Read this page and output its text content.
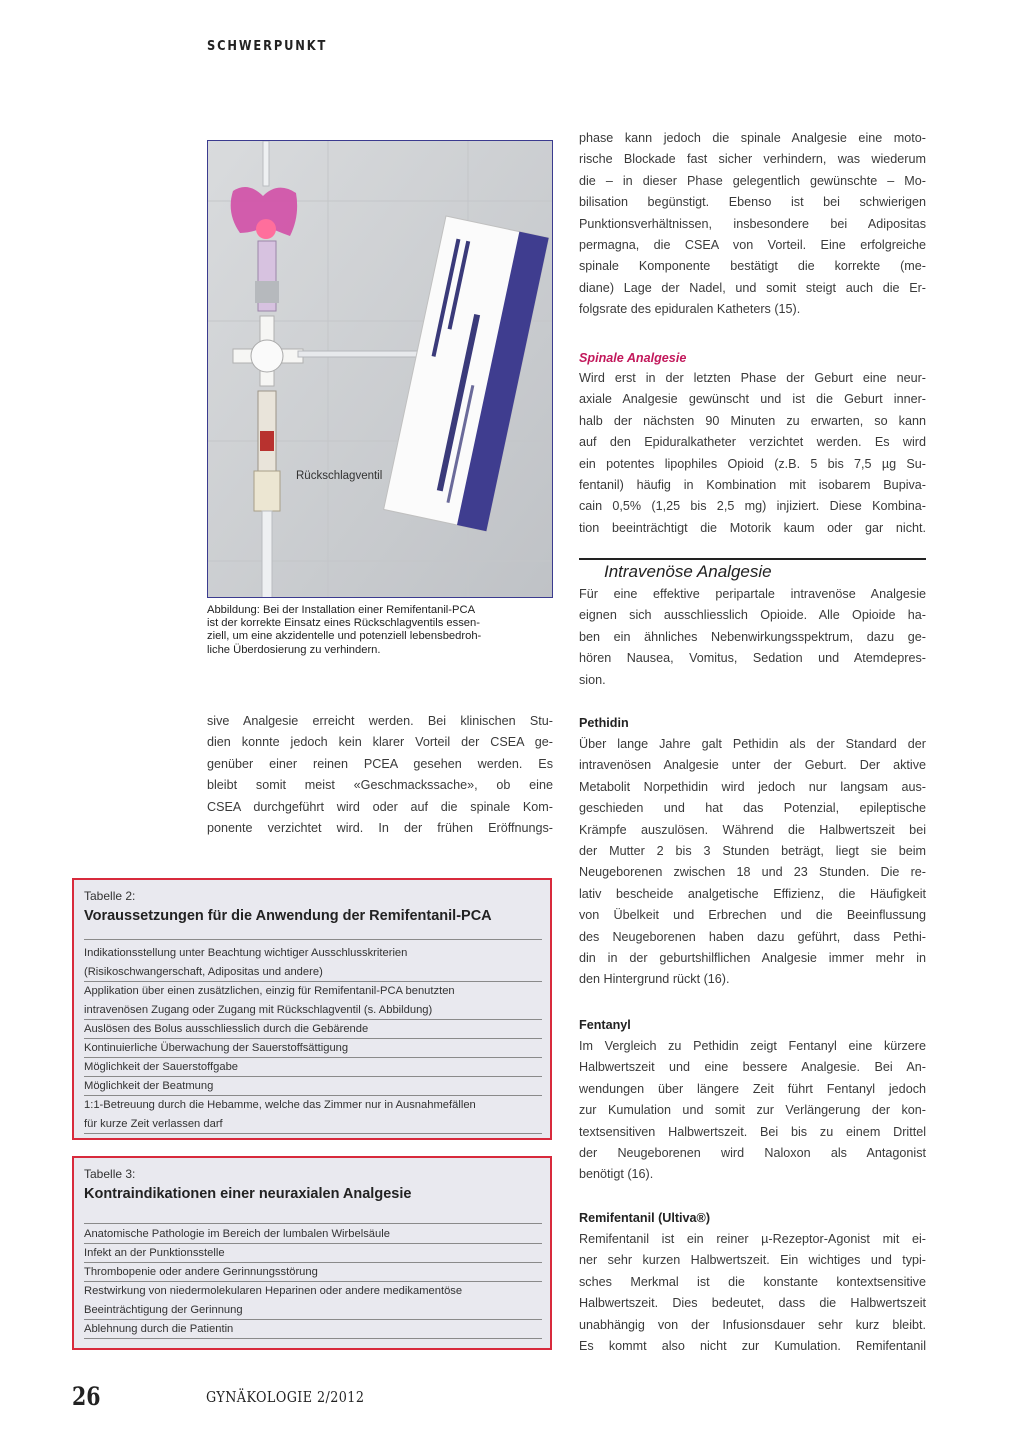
SCHWERPUNKT
Rückschlagventil
Abbildung: Bei der Installation einer Remifentanil-PCA
ist der korrekte Einsatz eines Rückschlagventils essen-
ziell, um eine akzidentelle und potenziell lebensbedroh-
liche Überdosierung zu verhindern.
sive Analgesie erreicht werden. Bei klinischen Stu-
dien konnte jedoch kein klarer Vorteil der CSEA ge-
genüber einer reinen PCEA gesehen werden. Es
bleibt somit meist «Geschmackssache», ob eine
CSEA durchgeführt wird oder auf die spinale Kom-
ponente verzichtet wird. In der frühen Eröffnungs-
Tabelle 2:
Voraussetzungen für die Anwendung der Remifentanil-PCA
Indikationsstellung unter Beachtung wichtiger Ausschlusskriterien
(Risikoschwangerschaft, Adipositas und andere)
Applikation über einen zusätzlichen, einzig für Remifentanil-PCA benutzten
intravenösen Zugang oder Zugang mit Rückschlagventil (s. Abbildung)
Auslösen des Bolus ausschliesslich durch die Gebärende
Kontinuierliche Überwachung der Sauerstoffsättigung
Möglichkeit der Sauerstoffgabe
Möglichkeit der Beatmung
1:1-Betreuung durch die Hebamme, welche das Zimmer nur in Ausnahmefällen
für kurze Zeit verlassen darf
Tabelle 3:
Kontraindikationen einer neuraxialen Analgesie
Anatomische Pathologie im Bereich der lumbalen Wirbelsäule
Infekt an der Punktionsstelle
Thrombopenie oder andere Gerinnungsstörung
Restwirkung von niedermolekularen Heparinen oder andere medikamentöse
Beeinträchtigung der Gerinnung
Ablehnung durch die Patientin
phase kann jedoch die spinale Analgesie eine moto-
rische Blockade fast sicher verhindern, was wiederum
die – in dieser Phase gelegentlich gewünschte – Mo-
bilisation begünstigt. Ebenso ist bei schwierigen
Punktionsverhältnissen, insbesondere bei Adipositas
permagna, die CSEA von Vorteil. Eine erfolgreiche
spinale Komponente bestätigt die korrekte (me-
diane) Lage der Nadel, und somit steigt auch die Er-
folgsrate des epiduralen Katheters (15).
Spinale Analgesie
Wird erst in der letzten Phase der Geburt eine neur-
axiale Analgesie gewünscht und ist die Geburt inner-
halb der nächsten 90 Minuten zu erwarten, so kann
auf den Epiduralkatheter verzichtet werden. Es wird
ein potentes lipophiles Opioid (z.B. 5 bis 7,5 µg Su-
fentanil) häufig in Kombination mit isobarem Bupiva-
cain 0,5% (1,25 bis 2,5 mg) injiziert. Diese Kombina-
tion beeinträchtigt die Motorik kaum oder gar nicht.
Intravenöse Analgesie
Für eine effektive peripartale intravenöse Analgesie
eignen sich ausschliesslich Opioide. Alle Opioide ha-
ben ein ähnliches Nebenwirkungsspektrum, dazu ge-
hören Nausea, Vomitus, Sedation und Atemdepres-
sion.
Pethidin
Über lange Jahre galt Pethidin als der Standard der
intravenösen Analgesie unter der Geburt. Der aktive
Metabolit Norpethidin wird jedoch nur langsam aus-
geschieden und hat das Potenzial, epileptische
Krämpfe auszulösen. Während die Halbwertszeit bei
der Mutter 2 bis 3 Stunden beträgt, liegt sie beim
Neugeborenen zwischen 18 und 23 Stunden. Die re-
lativ bescheide analgetische Effizienz, die Häufigkeit
von Übelkeit und Erbrechen und die Beeinflussung
des Neugeborenen haben dazu geführt, dass Pethi-
din in der geburtshilflichen Analgesie immer mehr in
den Hintergrund rückt (16).
Fentanyl
Im Vergleich zu Pethidin zeigt Fentanyl eine kürzere
Halbwertszeit und eine bessere Analgesie. Bei An-
wendungen über längere Zeit führt Fentanyl jedoch
zur Kumulation und somit zur Verlängerung der kon-
textsensitiven Halbwertszeit. Bei bis zu einem Drittel
der Neugeborenen wird Naloxon als Antagonist
benötigt (16).
Remifentanil (Ultiva®)
Remifentanil ist ein reiner µ-Rezeptor-Agonist mit ei-
ner sehr kurzen Halbwertszeit. Ein wichtiges und typi-
sches Merkmal ist die konstante kontextsensitive
Halbwertszeit. Dies bedeutet, dass die Halbwertszeit
unabhängig von der Infusionsdauer sehr kurz bleibt.
Es kommt also nicht zur Kumulation. Remifentanil
26	GYNÄKOLOGIE 2/2012
